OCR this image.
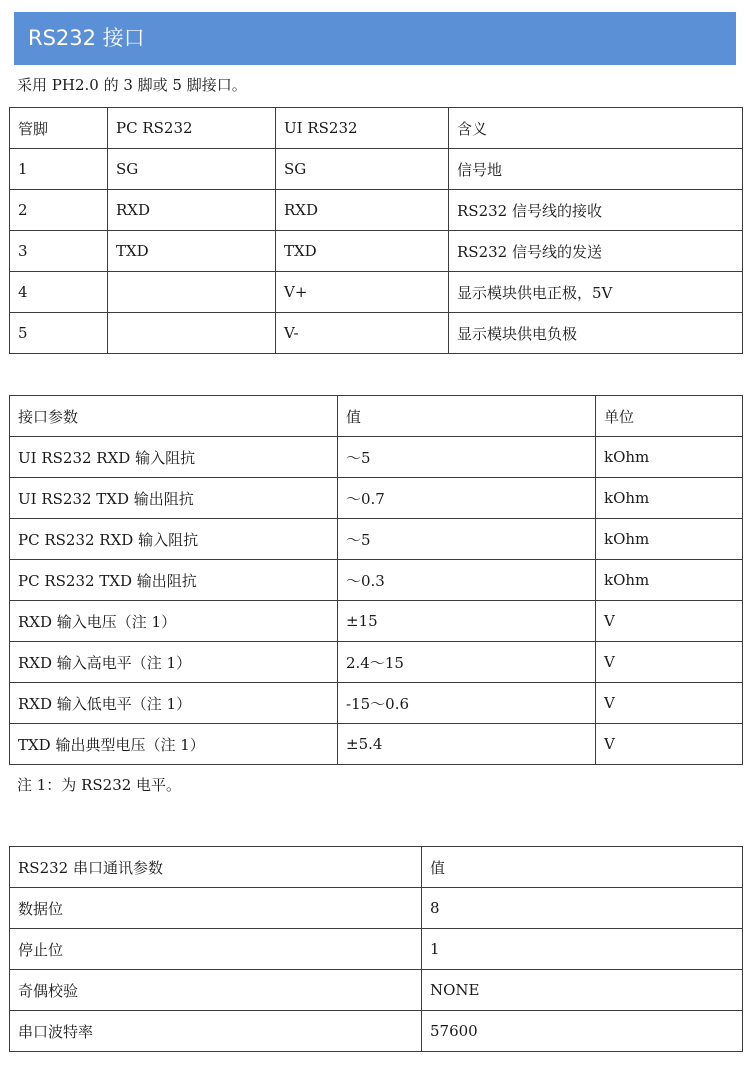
RS232 接口
采用 PH2.0 的 3 脚或 5 脚接口。
管脚	PC RS232	UI RS232	含义
1	SG	SG	信号地
2	RXD	RXD	RS232 信号线的接收
3	TXD	TXD	RS232 信号线的发送
4		V+	显示模块供电正极，5V
5		V-	显示模块供电负极
接口参数	值	单位
UI RS232 RXD 输入阻抗	～5	kOhm
UI RS232 TXD 输出阻抗	～0.7	kOhm
PC RS232 RXD 输入阻抗	～5	kOhm
PC RS232 TXD 输出阻抗	～0.3	kOhm
RXD 输入电压（注 1）	±15	V
RXD 输入高电平（注 1）	2.4～15	V
RXD 输入低电平（注 1）	-15～0.6	V
TXD 输出典型电压（注 1）	±5.4	V
注 1：为 RS232 电平。
RS232 串口通讯参数	值
数据位	8
停止位	1
奇偶校验	NONE
串口波特率	57600
